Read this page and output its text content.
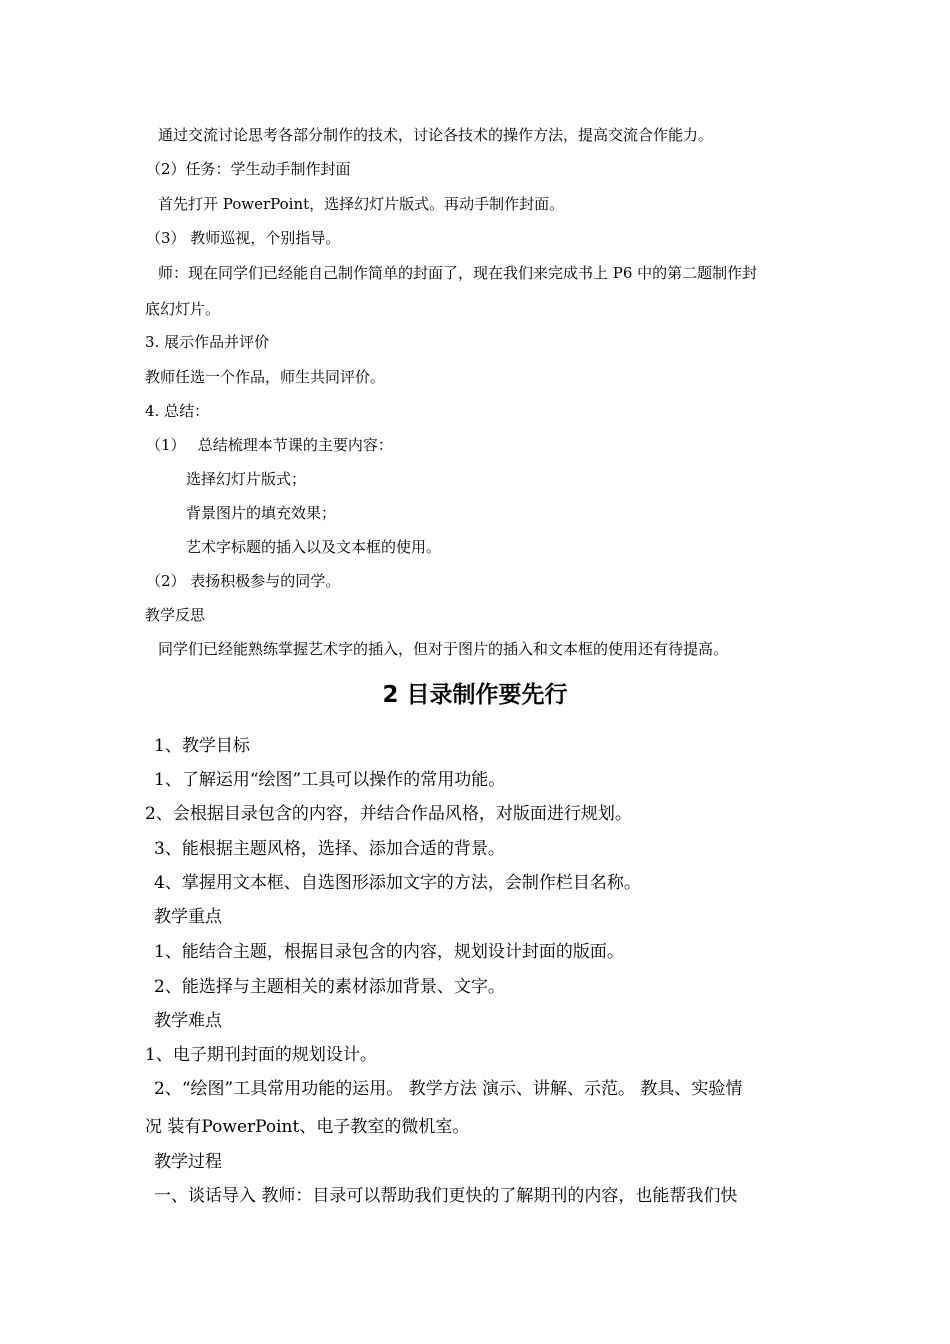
通过交流讨论思考各部分制作的技术，讨论各技术的操作方法，提高交流合作能力。
（2）任务：学生动手制作封面
首先打开 PowerPoint，选择幻灯片版式。再动手制作封面。
（3） 教师巡视，个别指导。
师：现在同学们已经能自己制作简单的封面了，现在我们来完成书上 P6 中的第二题制作封
底幻灯片。
3. 展示作品并评价
教师任选一个作品，师生共同评价。
4. 总结：
（1）　 总结梳理本节课的主要内容：
选择幻灯片版式；
背景图片的填充效果；
艺术字标题的插入以及文本框的使用。
（2） 表扬积极参与的同学。
教学反思
同学们已经能熟练掌握艺术字的插入，但对于图片的插入和文本框的使用还有待提高。
2 目录制作要先行
1、教学目标
1、了解运用“绘图”工具可以操作的常用功能。
2、会根据目录包含的内容，并结合作品风格，对版面进行规划。
3、能根据主题风格，选择、添加合适的背景。
4、掌握用文本框、自选图形添加文字的方法，会制作栏目名称。
教学重点
1、能结合主题，根据目录包含的内容，规划设计封面的版面。
2、能选择与主题相关的素材添加背景、文字。
教学难点
1、电子期刊封面的规划设计。
2、“绘图”工具常用功能的运用。 教学方法 演示、讲解、示范。 教具、实验情
况 装有PowerPoint、电子教室的微机室。
教学过程
一、谈话导入 教师：目录可以帮助我们更快的了解期刊的内容，也能帮我们快
